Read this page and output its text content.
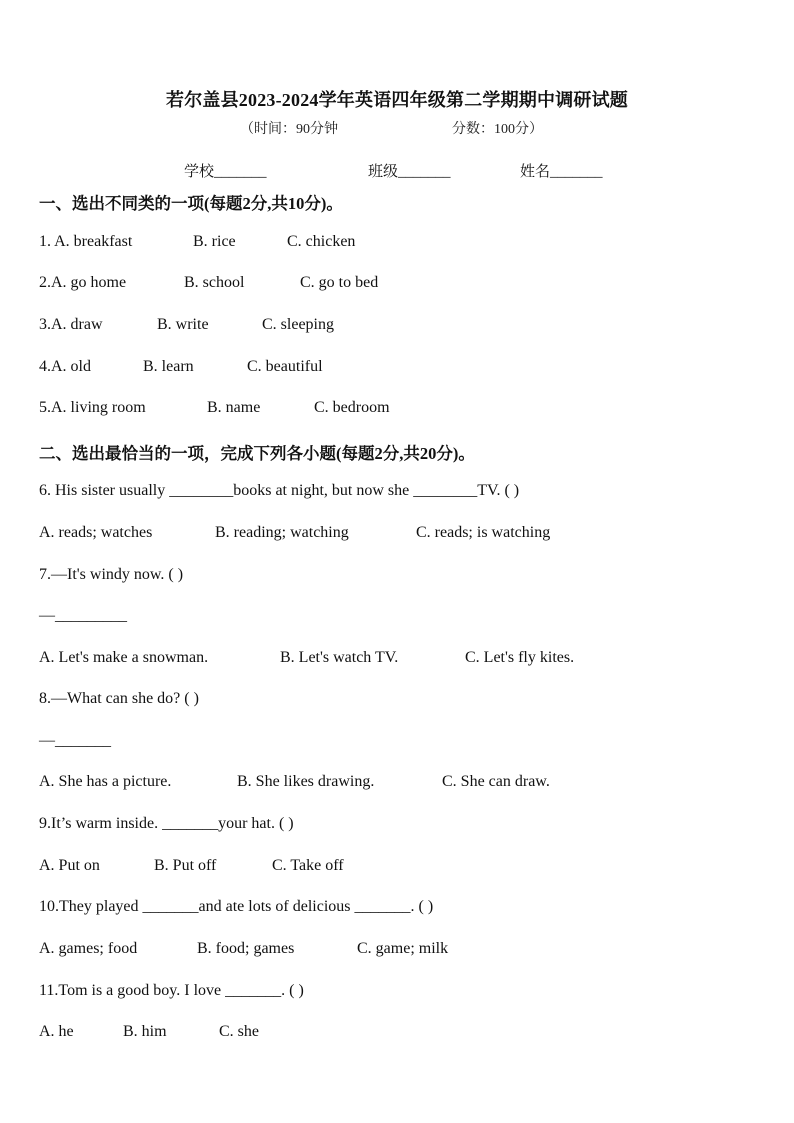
若尔盖县2023-2024学年英语四年级第二学期期中调研试题
（时间：90分钟	分数：100分）
学校_______	班级_______	姓名_______
一、选出不同类的一项(每题2分,共10分)。
1. A. breakfast	B. rice	C. chicken
2.A. go home	B. school	C. go to bed
3.A. draw	B. write	C. sleeping
4.A. old	B. learn	C. beautiful
5.A. living room	B. name	C. bedroom
二、选出最恰当的一项，完成下列各小题(每题2分,共20分)。
6. His sister usually ________books at night, but now she ________TV. ( )
A. reads; watches	B. reading; watching	C. reads; is watching
7.—It's windy now. ( )
—_________
A. Let's make a snowman.	B. Let's watch TV.	C. Let's fly kites.
8.—What can she do? ( )
—_______
A. She has a picture.	B. She likes drawing.	C. She can draw.
9.It’s warm inside. _______your hat. ( )
A. Put on	B. Put off	C. Take off
10.They played _______and ate lots of delicious _______. ( )
A. games; food	B. food; games	C. game; milk
11.Tom is a good boy. I love _______. ( )
A. he	B. him	C. she
